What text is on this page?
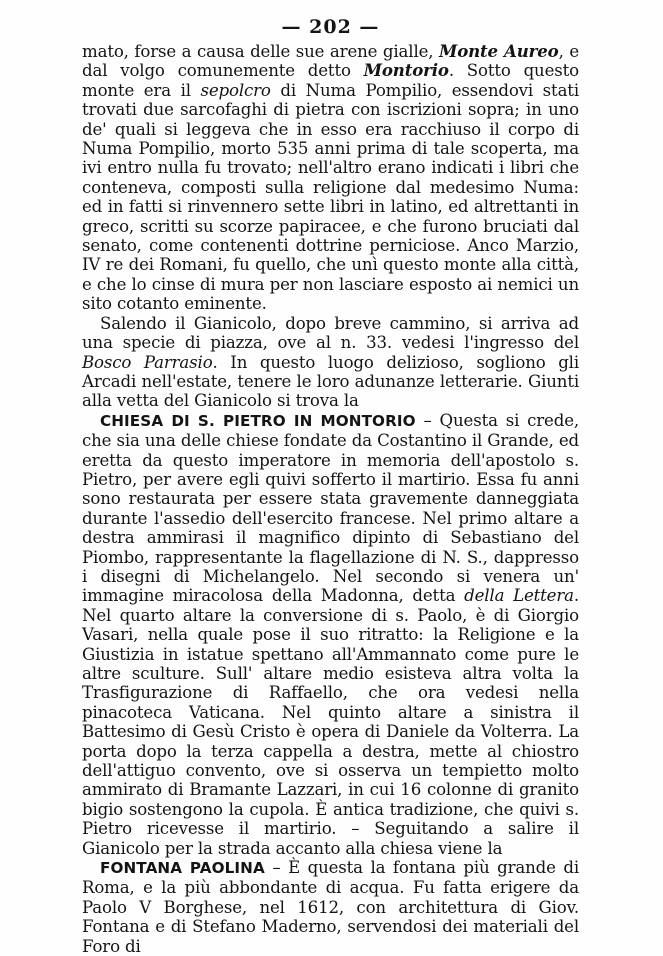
— 202 —

mato, forse a causa delle sue arene gialle, Monte Aureo, e dal volgo comunemente detto Montorio. Sotto questo monte era il sepolcro di Numa Pompilio, essendovi stati trovati due sarcofaghi di pietra con iscrizioni sopra; in uno de' quali si leggeva che in esso era racchiuso il corpo di Numa Pompilio, morto 535 anni prima di tale scoperta, ma ivi entro nulla fu trovato; nell'altro erano indicati i libri che conteneva, composti sulla religione dal medesimo Numa: ed in fatti si rinvennero sette libri in latino, ed altrettanti in greco, scritti su scorze papiracee, e che furono bruciati dal senato, come contenenti dottrine perniciose. Anco Marzio, IV re dei Romani, fu quello, che unì questo monte alla città, e che lo cinse di mura per non lasciare esposto ai nemici un sito cotanto eminente.

Salendo il Gianicolo, dopo breve cammino, si arriva ad una specie di piazza, ove al n. 33. vedesi l'ingresso del Bosco Parrasio. In questo luogo delizioso, sogliono gli Arcadi nell'estate, tenere le loro adunanze letterarie. Giunti alla vetta del Gianicolo si trova la

CHIESA DI S. PIETRO IN MONTORIO – Questa si crede, che sia una delle chiese fondate da Costantino il Grande, ed eretta da questo imperatore in memoria dell'apostolo s. Pietro, per avere egli quivi sofferto il martirio. Essa fu anni sono restaurata per essere stata gravemente danneggiata durante l'assedio dell'esercito francese. Nel primo altare a destra ammirasi il magnifico dipinto di Sebastiano del Piombo, rappresentante la flagellazione di N. S., dappresso i disegni di Michelangelo. Nel secondo si venera un' immagine miracolosa della Madonna, detta della Lettera. Nel quarto altare la conversione di s. Paolo, è di Giorgio Vasari, nella quale pose il suo ritratto: la Religione e la Giustizia in istatue spettano all'Ammannato come pure le altre sculture. Sull' altare medio esisteva altra volta la Trasfigurazione di Raffaello, che ora vedesi nella pinacoteca Vaticana. Nel quinto altare a sinistra il Battesimo di Gesù Cristo è opera di Daniele da Volterra. La porta dopo la terza cappella a destra, mette al chiostro dell'attiguo convento, ove si osserva un tempietto molto ammirato di Bramante Lazzari, in cui 16 colonne di granito bigio sostengono la cupola. È antica tradizione, che quivi s. Pietro ricevesse il martirio. – Seguitando a salire il Gianicolo per la strada accanto alla chiesa viene la

FONTANA PAOLINA – È questa la fontana più grande di Roma, e la più abbondante di acqua. Fu fatta erigere da Paolo V Borghese, nel 1612, con architettura di Giov. Fontana e di Stefano Maderno, servendosi dei materiali del Foro di
